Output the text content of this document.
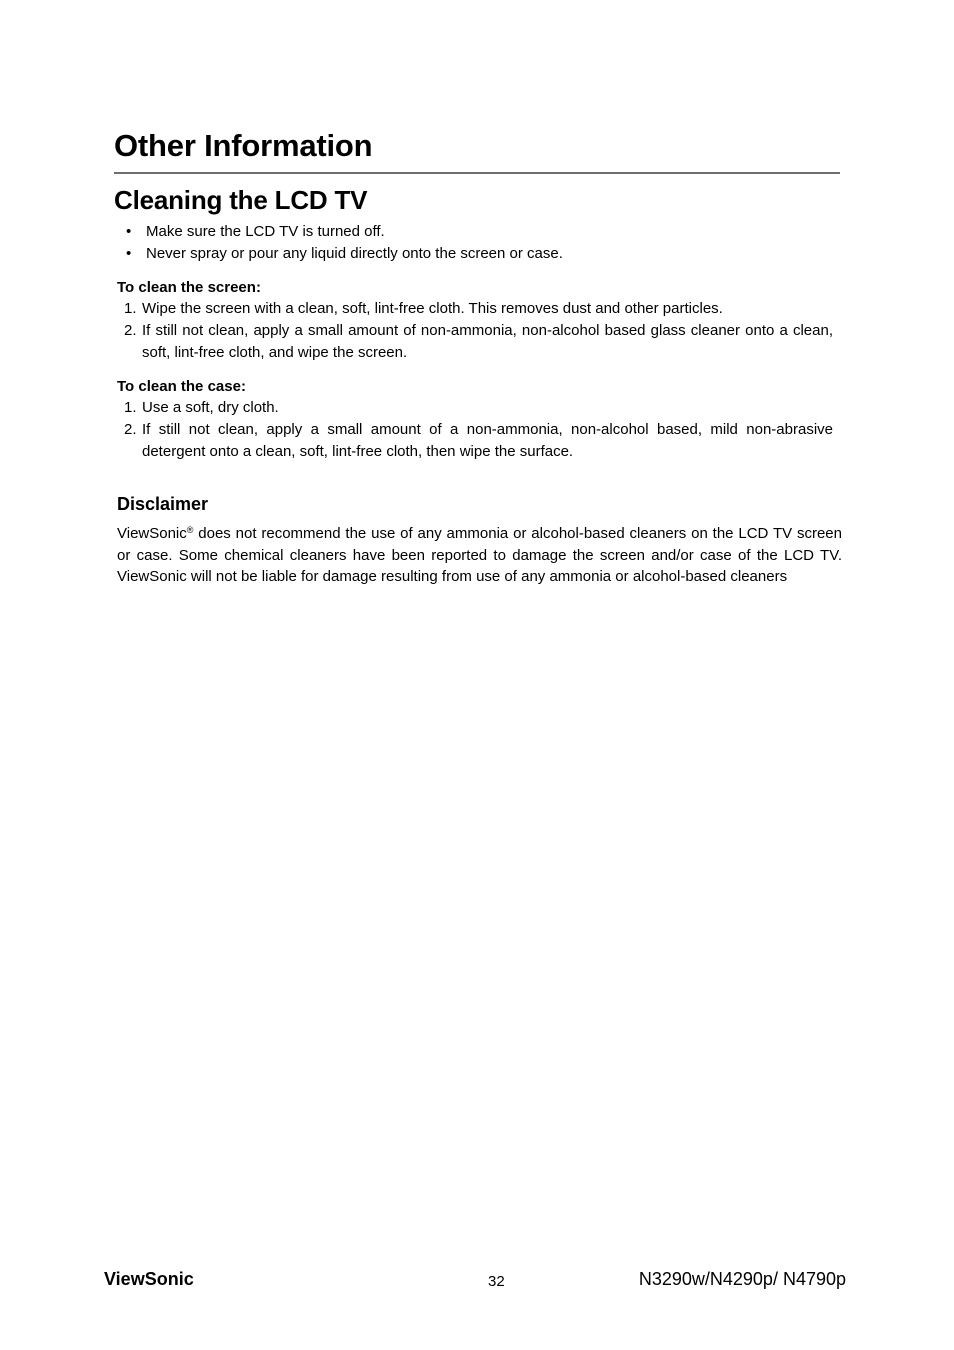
Other Information
Cleaning the LCD TV
• Make sure the LCD TV is turned off.
• Never spray or pour any liquid directly onto the screen or case.

To clean the screen:

1. Wipe the screen with a clean, soft, lint-free cloth. This removes dust and other particles.
2. If still not clean, apply a small amount of non-ammonia, non-alcohol based glass cleaner onto a clean, soft, lint-free cloth, and wipe the screen.

To clean the case:

1. Use a soft, dry cloth.
2. If still not clean, apply a small amount of a non-ammonia, non-alcohol based, mild non-abrasive detergent onto a clean, soft, lint-free cloth, then wipe the surface.
Disclaimer

ViewSonic® does not recommend the use of any ammonia or alcohol-based cleaners on the LCD TV screen or case. Some chemical cleaners have been reported to damage the screen and/or case of the LCD TV. ViewSonic will not be liable for damage resulting from use of any ammonia or alcohol-based cleaners

ViewSonic	32	N3290w/N4290p/ N4790p
